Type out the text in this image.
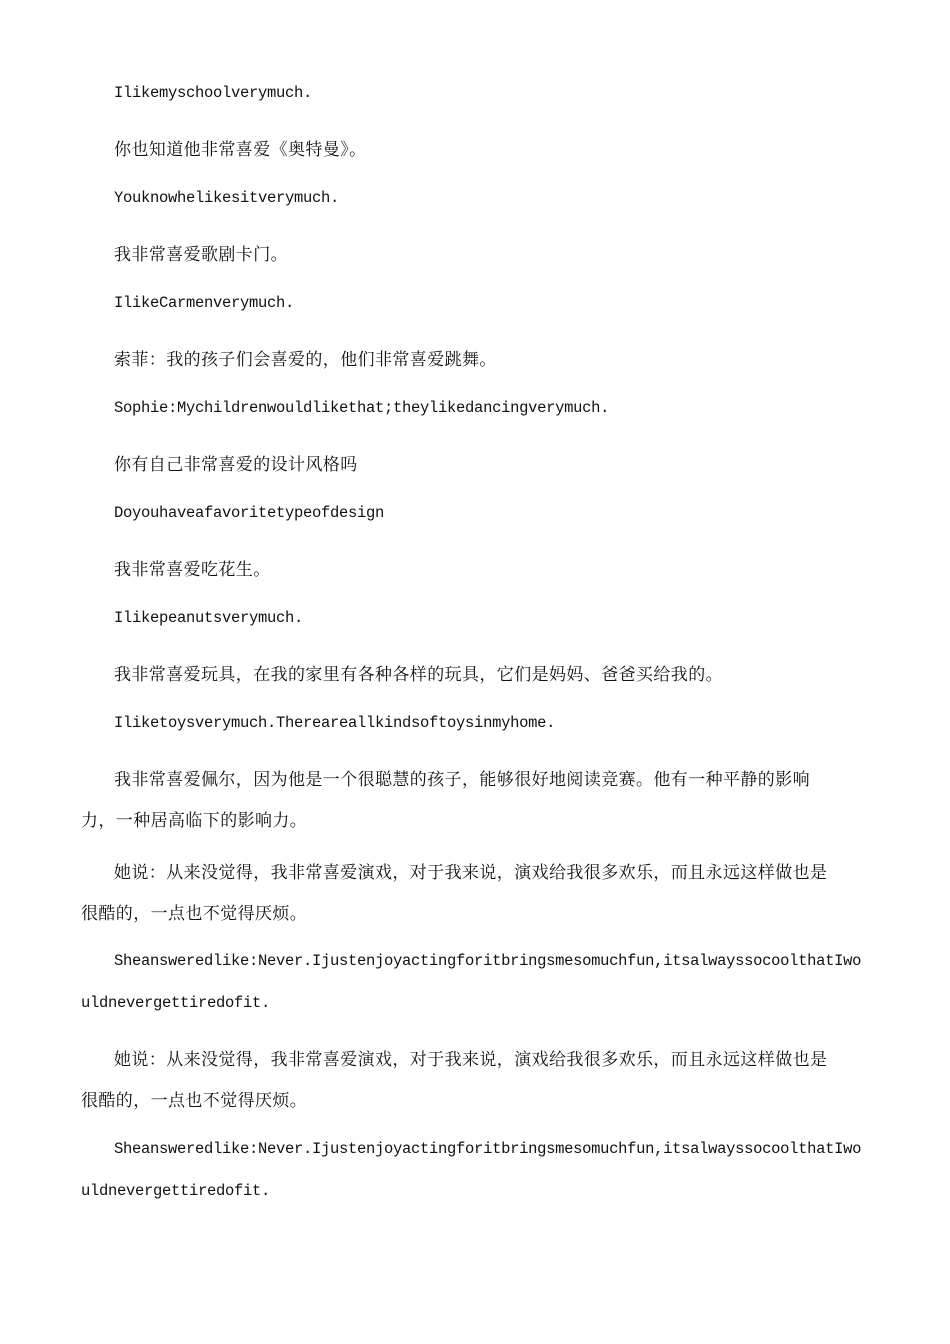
Ilikemyschoolverymuch.

你也知道他非常喜爱《奥特曼》。

Youknowhelikesitverymuch.

我非常喜爱歌剧卡门。

IlikeCarmenverymuch.

索菲：我的孩子们会喜爱的，他们非常喜爱跳舞。

Sophie:Mychildrenwouldlikethat;theylikedancingverymuch.

你有自己非常喜爱的设计风格吗

Doyouhaveafavoritetypeofdesign

我非常喜爱吃花生。

Ilikepeanutsverymuch.

我非常喜爱玩具，在我的家里有各种各样的玩具，它们是妈妈、爸爸买给我的。

Iliketoysverymuch.Thereareallkindsoftoysinmyhome.

我非常喜爱佩尔，因为他是一个很聪慧的孩子，能够很好地阅读竞赛。他有一种平静的影响

力，一种居高临下的影响力。

她说：从来没觉得，我非常喜爱演戏，对于我来说，演戏给我很多欢乐，而且永远这样做也是

很酷的，一点也不觉得厌烦。

Sheansweredlike:Never.Ijustenjoyactingforitbringsmesomuchfun,itsalwayssocoolthatIwo

uldnevergettiredofit.

她说：从来没觉得，我非常喜爱演戏，对于我来说，演戏给我很多欢乐，而且永远这样做也是

很酷的，一点也不觉得厌烦。

Sheansweredlike:Never.Ijustenjoyactingforitbringsmesomuchfun,itsalwayssocoolthatIwo

uldnevergettiredofit.
